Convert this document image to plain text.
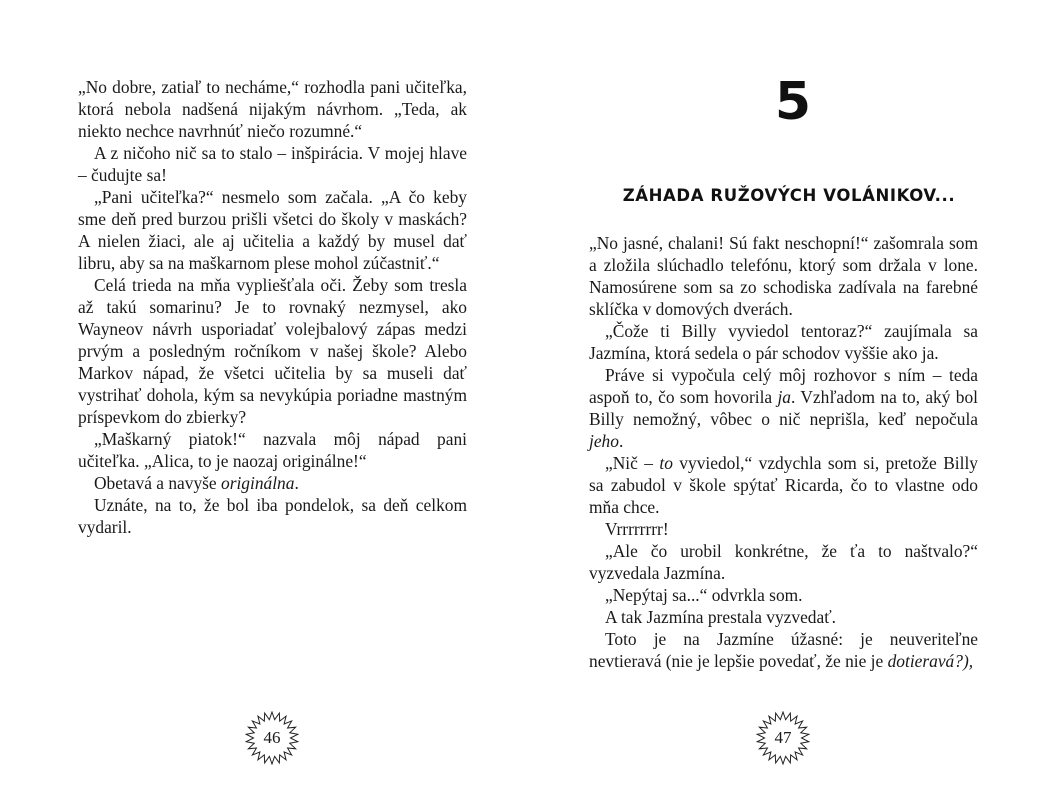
„No dobre, zatiaľ to necháme,“ rozhodla pani učiteľka, ktorá nebola nadšená nijakým návrhom. „Teda, ak niekto nechce navrhnúť niečo rozumné.“

A z ničoho nič sa to stalo – inšpirácia. V mojej hlave – čudujte sa!

„Pani učiteľka?“ nesmelo som začala. „A čo keby sme deň pred burzou prišli všetci do školy v maskách? A nielen žiaci, ale aj učitelia a každý by musel dať libru, aby sa na maškarnom plese mohol zúčastniť.“

Celá trieda na mňa vypliešťala oči. Žeby som tresla až takú somarinu? Je to rovnaký nezmysel, ako Wayneov návrh usporiadať volejbalový zápas medzi prvým a posledným ročníkom v našej škole? Alebo Markov nápad, že všetci učitelia by sa museli dať vystrihať dohola, kým sa nevykúpia poriadne mastným príspevkom do zbierky?

„Maškarný piatok!“ nazvala môj nápad pani učiteľka. „Alica, to je naozaj originálne!“

Obetavá a navyše originálna.

Uznáte, na to, že bol iba pondelok, sa deň celkom vydaril.

46
5
ZÁHADA RUŽOVÝCH VOLÁNIKOV...

„No jasné, chalani! Sú fakt neschopní!“ zašomrala som a zložila slúchadlo telefónu, ktorý som držala v lone. Namosúrene som sa zo schodiska zadívala na farebné sklíčka v domových dverách.

„Čože ti Billy vyviedol tentoraz?“ zaujímala sa Jazmína, ktorá sedela o pár schodov vyššie ako ja.

Práve si vypočula celý môj rozhovor s ním – teda aspoň to, čo som hovorila ja. Vzhľadom na to, aký bol Billy nemožný, vôbec o nič neprišla, keď nepočula jeho.

„Nič – to vyviedol,“ vzdychla som si, pretože Billy sa zabudol v škole spýtať Ricarda, čo to vlastne odo mňa chce.

Vrrrrrrrr!

„Ale čo urobil konkrétne, že ťa to naštvalo?“ vyzvedala Jazmína.

„Nepýtaj sa...“ odvrkla som.

A tak Jazmína prestala vyzvedať.

Toto je na Jazmíne úžasné: je neuveriteľne nevtieravá (nie je lepšie povedať, že nie je dotieravá?),

47
